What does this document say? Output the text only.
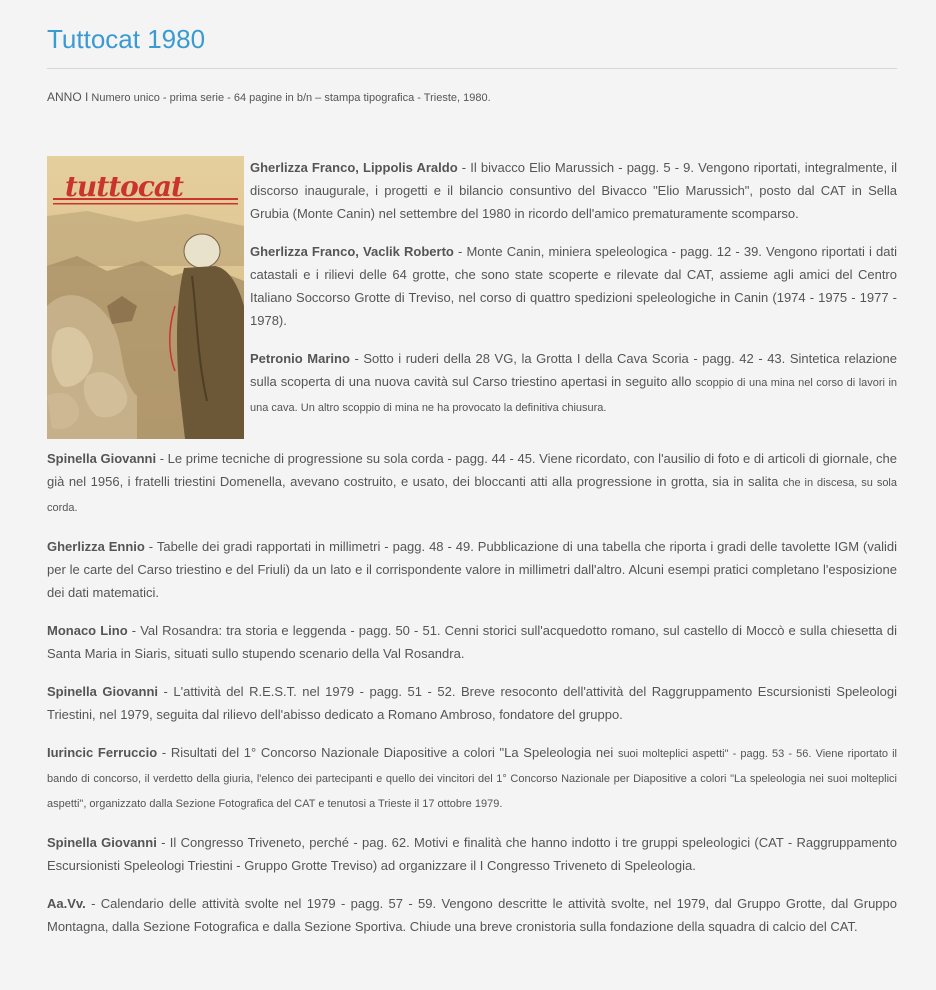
Tuttocat 1980
ANNO I Numero unico - prima serie - 64 pagine in b/n – stampa tipografica - Trieste, 1980.
tuttocat

Gherlizza Franco, Lippolis Araldo - Il bivacco Elio Marussich - pagg. 5 - 9. Vengono riportati, integralmente, il discorso inaugurale, i progetti e il bilancio consuntivo del Bivacco "Elio Marussich", posto dal CAT in Sella Grubia (Monte Canin) nel settembre del 1980 in ricordo dell'amico prematuramente scomparso.

Gherlizza Franco, Vaclik Roberto - Monte Canin, miniera speleologica - pagg. 12 - 39. Vengono riportati i dati catastali e i rilievi delle 64 grotte, che sono state scoperte e rilevate dal CAT, assieme agli amici del Centro Italiano Soccorso Grotte di Treviso, nel corso di quattro spedizioni speleologiche in Canin (1974 - 1975 - 1977 - 1978).

Petronio Marino - Sotto i ruderi della 28 VG, la Grotta I della Cava Scoria - pagg. 42 - 43. Sintetica relazione sulla scoperta di una nuova cavità sul Carso triestino apertasi in seguito allo scoppio di una mina nel corso di lavori in una cava. Un altro scoppio di mina ne ha provocato la definitiva chiusura.

Spinella Giovanni - Le prime tecniche di progressione su sola corda - pagg. 44 - 45. Viene ricordato, con l'ausilio di foto e di articoli di giornale, che già nel 1956, i fratelli triestini Domenella, avevano costruito, e usato, dei bloccanti atti alla progressione in grotta, sia in salita che in discesa, su sola corda.

Gherlizza Ennio - Tabelle dei gradi rapportati in millimetri - pagg. 48 - 49. Pubblicazione di una tabella che riporta i gradi delle tavolette IGM (validi per le carte del Carso triestino e del Friuli) da un lato e il corrispondente valore in millimetri dall'altro. Alcuni esempi pratici completano l'esposizione dei dati matematici.

Monaco Lino - Val Rosandra: tra storia e leggenda - pagg. 50 - 51. Cenni storici sull'acquedotto romano, sul castello di Moccò e sulla chiesetta di Santa Maria in Siaris, situati sullo stupendo scenario della Val Rosandra.

Spinella Giovanni - L'attività del R.E.S.T. nel 1979 - pagg. 51 - 52. Breve resoconto dell'attività del Raggruppamento Escursionisti Speleologi Triestini, nel 1979, seguita dal rilievo dell'abisso dedicato a Romano Ambroso, fondatore del gruppo.

Iurincic Ferruccio - Risultati del 1° Concorso Nazionale Diapositive a colori "La Speleologia nei suoi molteplici aspetti" - pagg. 53 - 56. Viene riportato il bando di concorso, il verdetto della giuria, l'elenco dei partecipanti e quello dei vincitori del 1° Concorso Nazionale per Diapositive a colori "La speleologia nei suoi molteplici aspetti", organizzato dalla Sezione Fotografica del CAT e tenutosi a Trieste il 17 ottobre 1979.

Spinella Giovanni - Il Congresso Triveneto, perché - pag. 62. Motivi e finalità che hanno indotto i tre gruppi speleologici (CAT - Raggruppamento Escursionisti Speleologi Triestini - Gruppo Grotte Treviso) ad organizzare il I Congresso Triveneto di Speleologia.

Aa.Vv. - Calendario delle attività svolte nel 1979 - pagg. 57 - 59. Vengono descritte le attività svolte, nel 1979, dal Gruppo Grotte, dal Gruppo Montagna, dalla Sezione Fotografica e dalla Sezione Sportiva. Chiude una breve cronistoria sulla fondazione della squadra di calcio del CAT.
